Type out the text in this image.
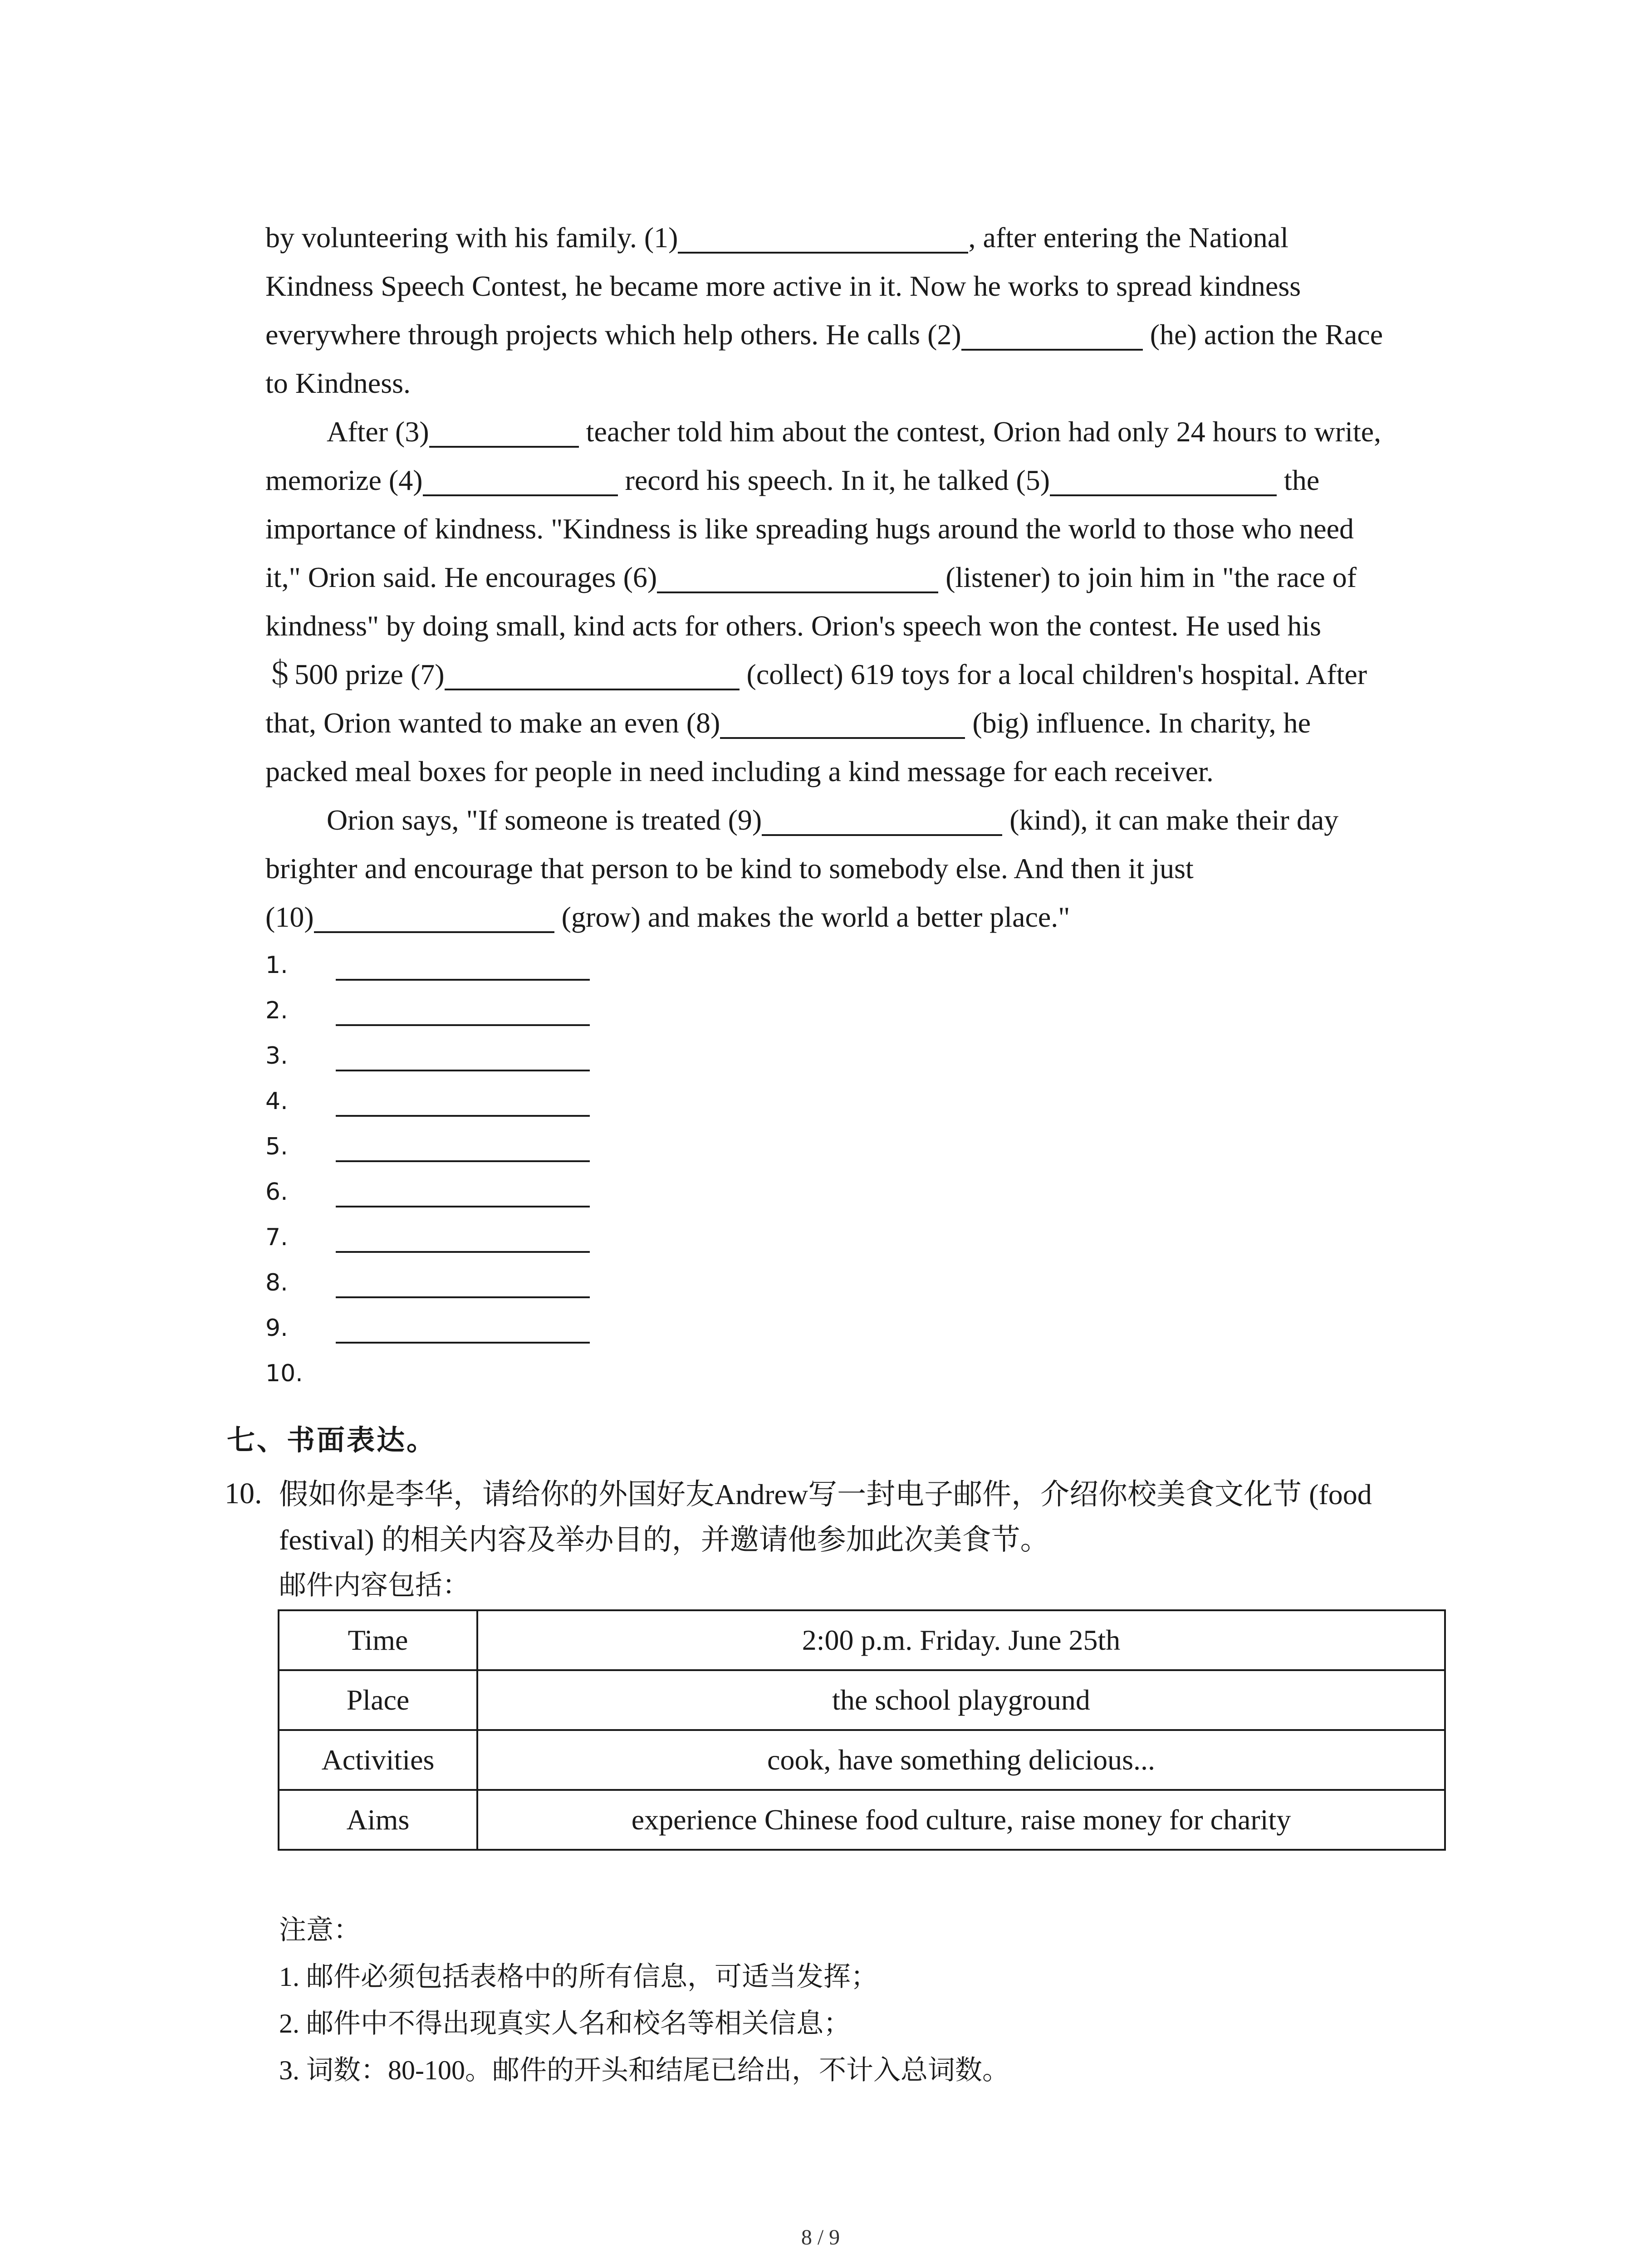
by volunteering with his family. (1)	, after entering the National
Kindness Speech Contest, he became more active in it. Now he works to spread kindness
everywhere through projects which help others. He calls (2)	(he) action the Race
to Kindness.
After (3)	teacher told him about the contest, Orion had only 24 hours to write,
memorize (4)	record his speech. In it, he talked (5)	the
importance of kindness. "Kindness is like spreading hugs around the world to those who need
it," Orion said. He encourages (6)	(listener) to join him in "the race of
kindness" by doing small, kind acts for others. Orion's speech won the contest. He used his
＄500 prize (7)	(collect) 619 toys for a local children's hospital. After
that, Orion wanted to make an even (8)	(big) influence. In charity, he
packed meal boxes for people in need including a kind message for each receiver.
Orion says, "If someone is treated (9)	(kind), it can make their day
brighter and encourage that person to be kind to somebody else. And then it just
(10)	(grow) and makes the world a better place."
1.
2.
3.
4.
5.
6.
7.
8.
9.
10.
七、书面表达。
10. 假如你是李华，请给你的外国好友Andrew写一封电子邮件，介绍你校美食文化节 (food
festival) 的相关内容及举办目的，并邀请他参加此次美食节。
邮件内容包括：
Time	2:00 p.m. Friday. June 25th
Place	the school playground
Activities	cook, have something delicious...
Aims	experience Chinese food culture, raise money for charity
注意：
1. 邮件必须包括表格中的所有信息，可适当发挥；
2. 邮件中不得出现真实人名和校名等相关信息；
3. 词数：80-100。邮件的开头和结尾已给出，不计入总词数。
8 / 9
